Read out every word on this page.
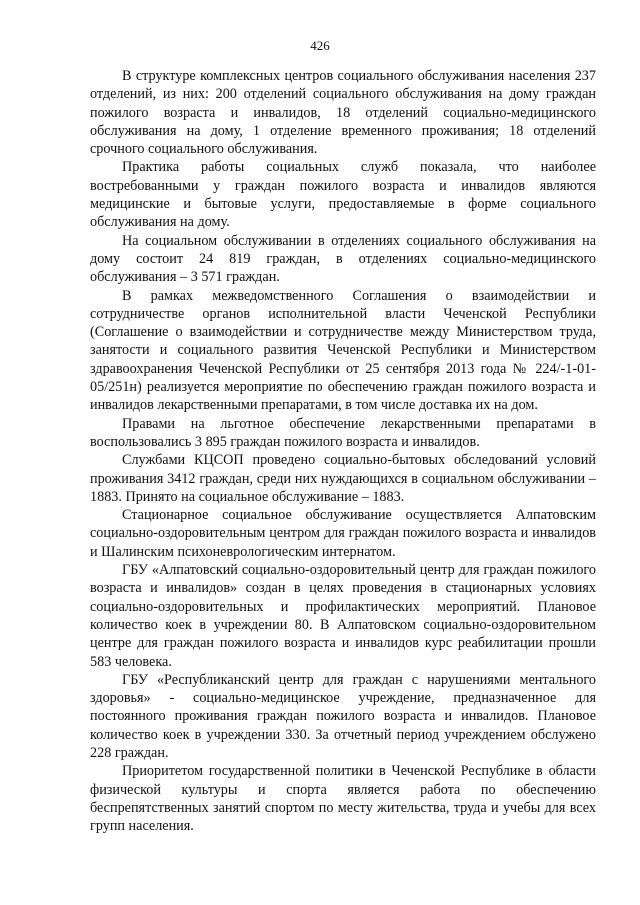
426

В структуре комплексных центров социального обслуживания населения 237 отделений, из них: 200 отделений социального обслуживания на дому граждан пожилого возраста и инвалидов, 18 отделений социально-медицинского обслуживания на дому, 1 отделение временного проживания; 18 отделений срочного социального обслуживания.

Практика работы социальных служб показала, что наиболее востребованными у граждан пожилого возраста и инвалидов являются медицинские и бытовые услуги, предоставляемые в форме социального обслуживания на дому.

На социальном обслуживании в отделениях социального обслуживания на дому состоит 24 819 граждан, в отделениях социально-медицинского обслуживания – 3 571 граждан.

В рамках межведомственного Соглашения о взаимодействии и сотрудничестве органов исполнительной власти Чеченской Республики (Соглашение о взаимодействии и сотрудничестве между Министерством труда, занятости и социального развития Чеченской Республики и Министерством здравоохранения Чеченской Республики от 25 сентября 2013 года № 224/-1-01-05/251н) реализуется мероприятие по обеспечению граждан пожилого возраста и инвалидов лекарственными препаратами, в том числе доставка их на дом.

Правами на льготное обеспечение лекарственными препаратами в воспользовались 3 895 граждан пожилого возраста и инвалидов.

Службами КЦСОП проведено социально-бытовых обследований условий проживания 3412 граждан, среди них нуждающихся в социальном обслуживании – 1883. Принято на социальное обслуживание – 1883.

Стационарное социальное обслуживание осуществляется Алпатовским социально-оздоровительным центром для граждан пожилого возраста и инвалидов и Шалинским психоневрологическим интернатом.

ГБУ «Алпатовский социально-оздоровительный центр для граждан пожилого возраста и инвалидов» создан в целях проведения в стационарных условиях социально-оздоровительных и профилактических мероприятий. Плановое количество коек в учреждении 80. В Алпатовском социально-оздоровительном центре для граждан пожилого возраста и инвалидов курс реабилитации прошли 583 человека.

ГБУ «Республиканский центр для граждан с нарушениями ментального здоровья» - социально-медицинское учреждение, предназначенное для постоянного проживания граждан пожилого возраста и инвалидов. Плановое количество коек в учреждении 330. За отчетный период учреждением обслужено 228 граждан.

Приоритетом государственной политики в Чеченской Республике в области физической культуры и спорта является работа по обеспечению беспрепятственных занятий спортом по месту жительства, труда и учебы для всех групп населения.
